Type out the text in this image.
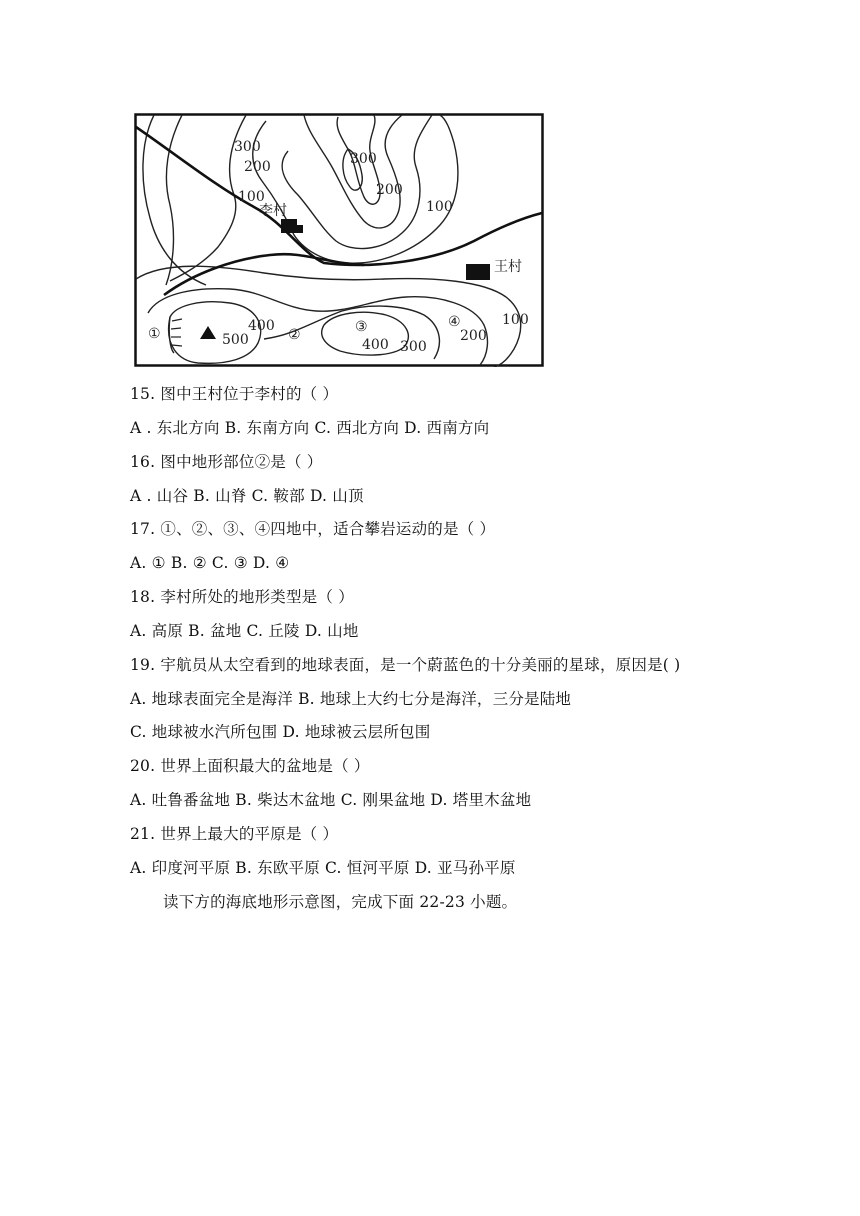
300
200
100
300
200
100
400
500	400 300
200
100
李村
王村
①	②	③	④
15. 图中王村位于李村的（ ）
A . 东北方向 B. 东南方向 C. 西北方向 D. 西南方向
16. 图中地形部位②是（ ）
A . 山谷 B. 山脊 C. 鞍部 D. 山顶
17. ①、②、③、④四地中，适合攀岩运动的是（ ）
A. ① B. ② C. ③ D. ④
18. 李村所处的地形类型是（ ）
A. 高原 B. 盆地 C. 丘陵 D. 山地
19. 宇航员从太空看到的地球表面，是一个蔚蓝色的十分美丽的星球，原因是( )
A. 地球表面完全是海洋 B. 地球上大约七分是海洋，三分是陆地
C. 地球被水汽所包围 D. 地球被云层所包围
20. 世界上面积最大的盆地是（ ）
A. 吐鲁番盆地 B. 柴达木盆地 C. 刚果盆地 D. 塔里木盆地
21. 世界上最大的平原是（ ）
A. 印度河平原 B. 东欧平原 C. 恒河平原 D. 亚马孙平原
读下方的海底地形示意图，完成下面 22-23 小题。
